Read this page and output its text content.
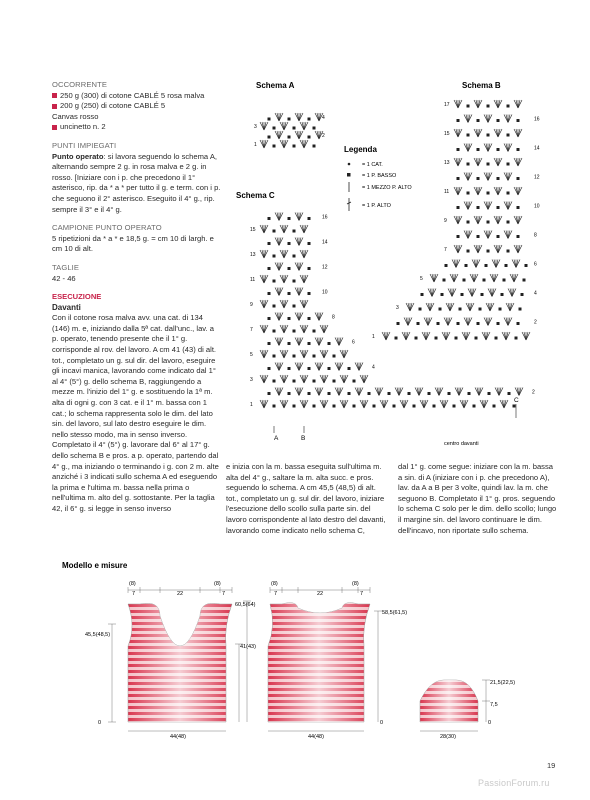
OCCORRENTE
250 g (300) di cotone CABLÉ 5 rosa malva
200 g (250) di cotone CABLÉ 5
Canvas rosso
uncinetto n. 2
PUNTI IMPIEGATI
Punto operato: si lavora seguendo lo schema A, alternando sempre 2 g. in rosa malva e 2 g. in rosso. [Iniziare con i p. che precedono il 1° asterisco, rip. da * a * per tutto il g. e term. con i p. che seguono il 2° asterisco. Eseguito il 4° g., rip. sempre il 3° e il 4° g.
CAMPIONE PUNTO OPERATO
5 ripetizioni da * a * e 18,5 g. = cm 10 di largh. e cm 10 di alt.
TAGLIE
42 - 46
ESECUZIONE
Davanti
Con il cotone rosa malva avv. una cat. di 134 (146) m. e, iniziando dalla 5ª cat. dall'unc., lav. a p. operato, tenendo presente che il 1° g. corrisponde al rov. del lavoro. A cm 41 (43) di alt. tot., completato un g. sul dir. del lavoro, eseguire gli incavi manica, lavorando come indicato dal 1° al 4° (5°) g. dello schema B, raggiungendo a mezze m. l'inizio del 1° g. e sostituendo la 1ª m. alta di ogni g. con 3 cat. e il 1° m. bassa con 1 cat.; lo schema rappresenta solo le dim. del lato sin. del lavoro, sul lato destro eseguire le dim. nello stesso modo, ma in senso inverso. Completato il 4° (5°) g. lavorare dal 6° al 17° g. dello schema B e pros. a p. operato, partendo dal 4° g., ma iniziando o terminando i g. con 2 m. alte anziché i 3 indicati sullo schema A ed eseguendo la prima e l'ultima m. bassa nella prima o nell'ultima m. alto del g. sottostante. Per la taglia 42, il 6° g. si legge in senso inverso
e inizia con la m. bassa eseguita sull'ultima m. alta del 4° g., saltare la m. alta succ. e pros. seguendo lo schema. A cm 45,5 (48,5) di alt. tot., completato un g. sul dir. del lavoro, iniziare l'esecuzione dello scollo sulla parte sin. del lavoro corrispondente al lato destro del davanti, lavorando come indicato nello schema C,
dal 1° g. come segue: iniziare con la m. bassa a sin. di A (iniziare con i p. che precedono A), lav. da A a B per 3 volte, quindi lav. la m. che seguono B. Completato il 1° g. pros. seguendo lo schema C solo per le dim. dello scollo; lungo il margine sin. del lavoro continuare le dim. dell'incavo, non riportate sullo schema.
Schema A	Schema B
Schema C
1
2
3
4
1
2
3
4
5
6
7
8
9
10
11
12
13
14
15
16
17
1
2
3
4
5
6
7
8
9
10
11
12
13
14
15
16
A	B
C
centro davanti
Legenda
= 1 CAT.
= 1 P. BASSO
= 1 MEZZO P. ALTO
= 1 P. ALTO
Modello e misure
(8)
7	22	7
(8)
45,5(48,5)
60,5(64)
41(43)
0
44(48)
(8)
7	22	7
(8)
58,5(61,5)
0
44(48)
21,5(22,5)
7,5
0
28(30)
19
PassionForum.ru
